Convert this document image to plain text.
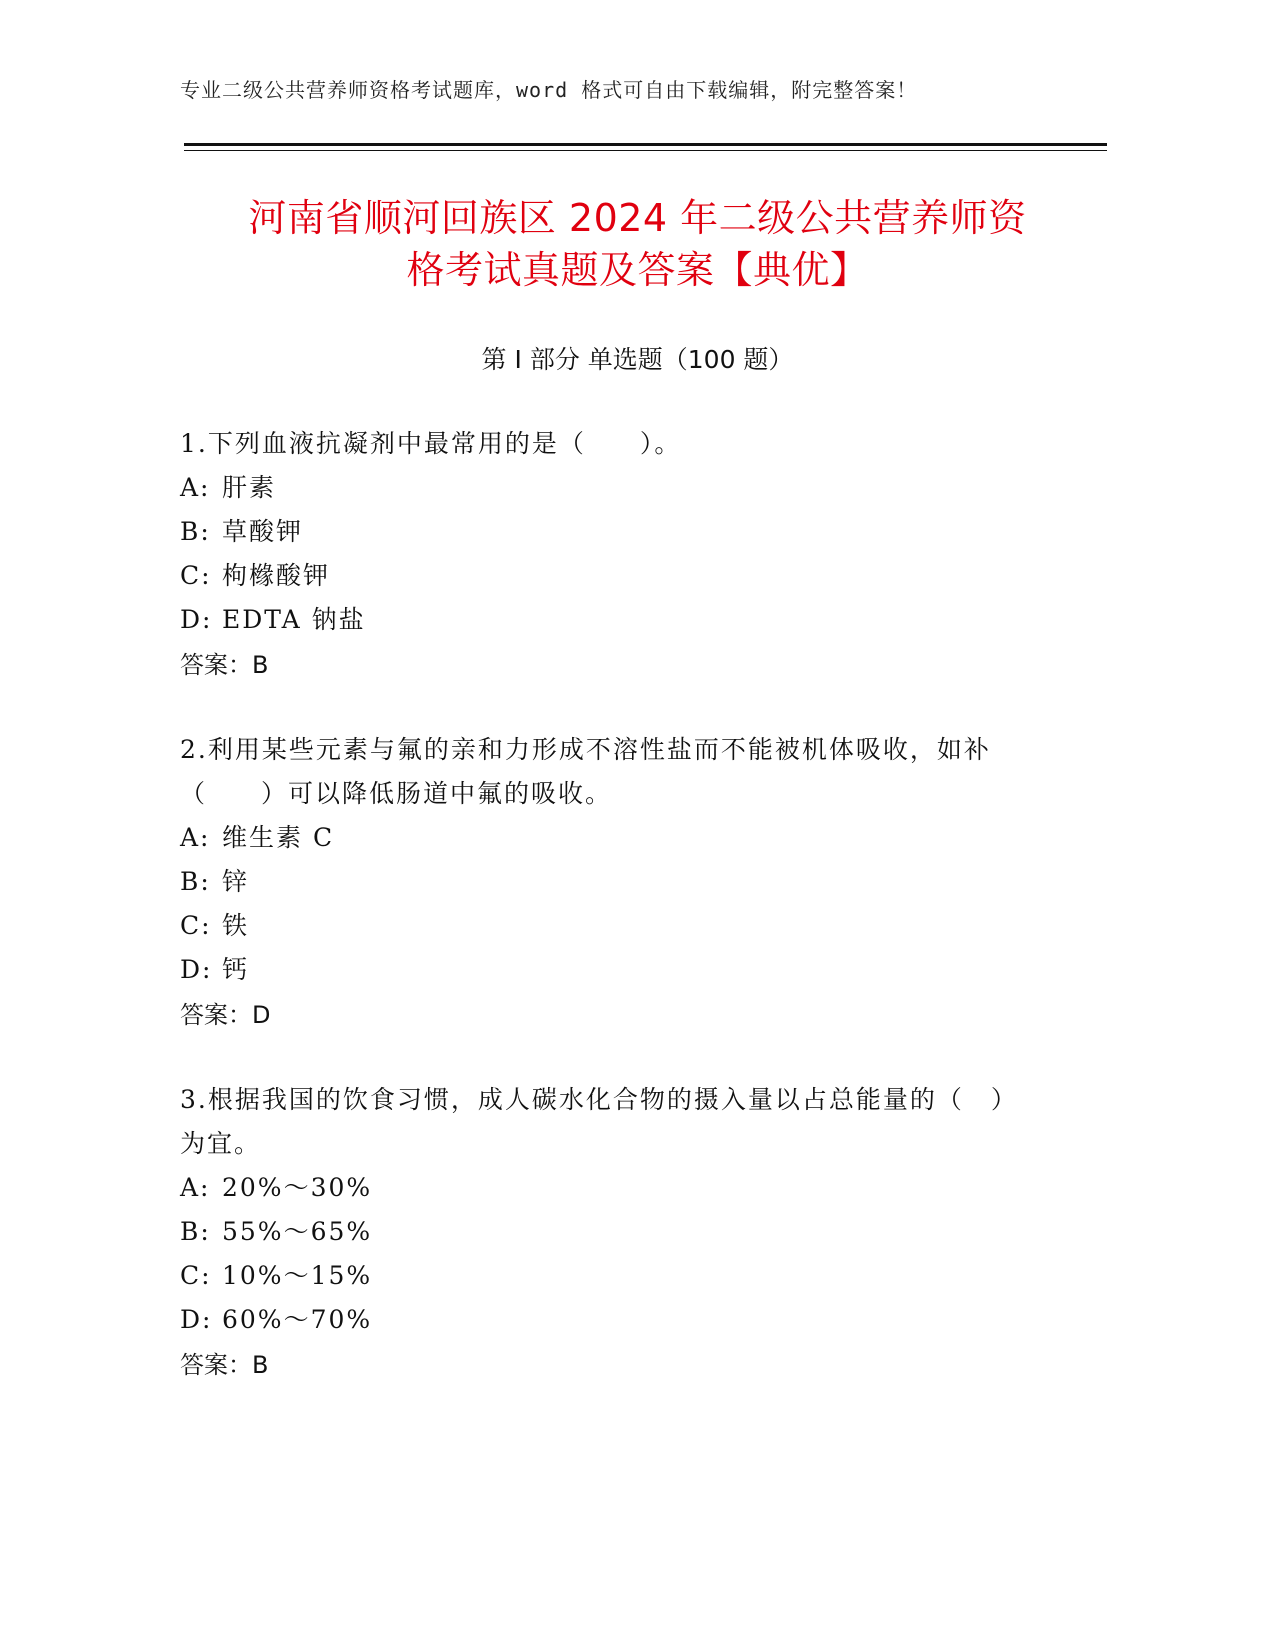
专业二级公共营养师资格考试题库，word 格式可自由下载编辑，附完整答案！
河南省顺河回族区 2024 年二级公共营养师资
格考试真题及答案【典优】
第 I 部分 单选题（100 题）
1.下列血液抗凝剂中最常用的是（　　）。
A: 肝素
B: 草酸钾
C: 枸橼酸钾
D: EDTA 钠盐
答案：B
2.利用某些元素与氟的亲和力形成不溶性盐而不能被机体吸收，如补（　　）可以降低肠道中氟的吸收。
A: 维生素 C
B: 锌
C: 铁
D: 钙
答案：D
3.根据我国的饮食习惯，成人碳水化合物的摄入量以占总能量的（　）为宜。
A: 20%～30%
B: 55%～65%
C: 10%～15%
D: 60%～70%
答案：B
